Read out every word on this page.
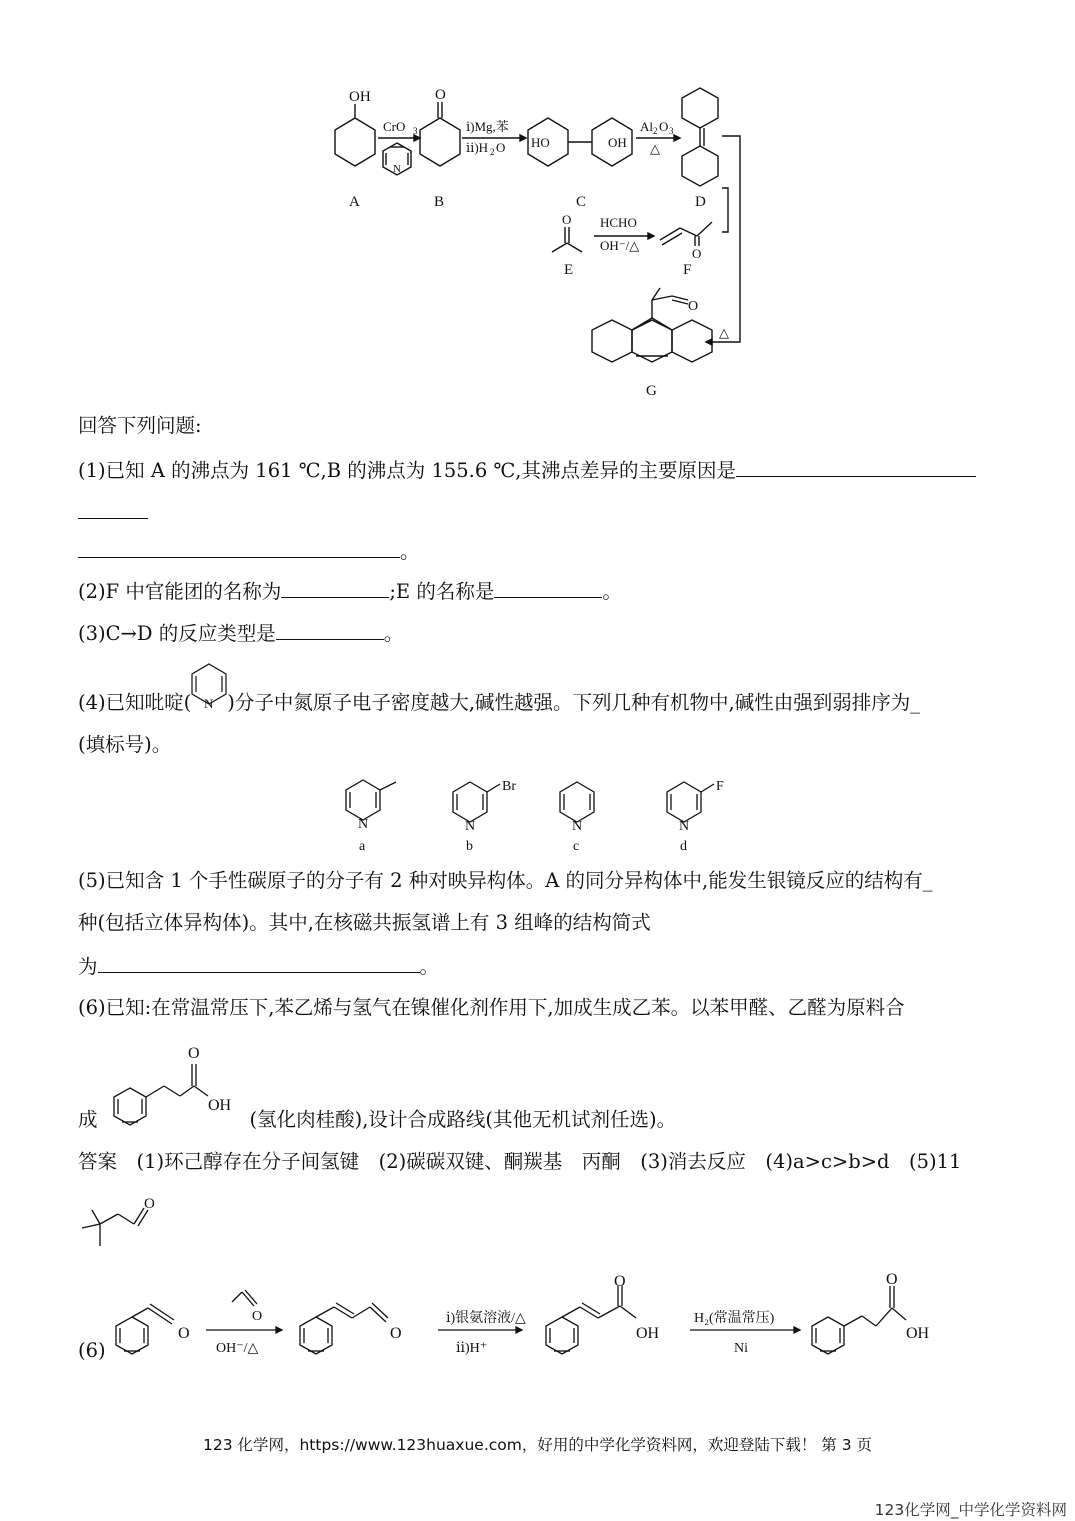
OH	O
N
CrO 3	ⅰ)Mg,苯
ⅱ)H 2 O HO	OH
Al 2 O 3
△
O HCHO
OH⁻/△
O
O
△
A	B	C	D
E	F
G
回答下列问题:
(1)已知 A 的沸点为 161 ℃,B 的沸点为 155.6 ℃,其沸点差异的主要原因是
。
(2)F 中官能团的名称为	;E 的名称是	。
(3)C→D 的反应类型是	。
(4)已知吡啶( )分子中氮原子电子密度越大,碱性越强。下列几种有机物中,碱性由强到弱排序为_
N
(填标号)。
N	N	N	N
Br	F
a	b	c	d
(5)已知含 1 个手性碳原子的分子有 2 种对映异构体。A 的同分异构体中,能发生银镜反应的结构有_
种(包括立体异构体)。其中,在核磁共振氢谱上有 3 组峰的结构简式
为	。
(6)已知:在常温常压下,苯乙烯与氢气在镍催化剂作用下,加成生成乙苯。以苯甲醛、乙醛为原料合
O
OH
成	(氢化肉桂酸),设计合成路线(其他无机试剂任选)。
答案　(1)环己醇存在分子间氢键　(2)碳碳双键、酮羰基　丙酮　(3)消去反应　(4)a>c>b>d　(5)11
O
(6)
O
O
OH⁻/△
O
ⅰ)银氨溶液/△
ⅱ)H⁺
O
OH
H₂(常温常压)
Ni
O
OH
123 化学网，https://www.123huaxue.com，好用的中学化学资料网，欢迎登陆下载！ 第 3 页
123化学网_中学化学资料网
